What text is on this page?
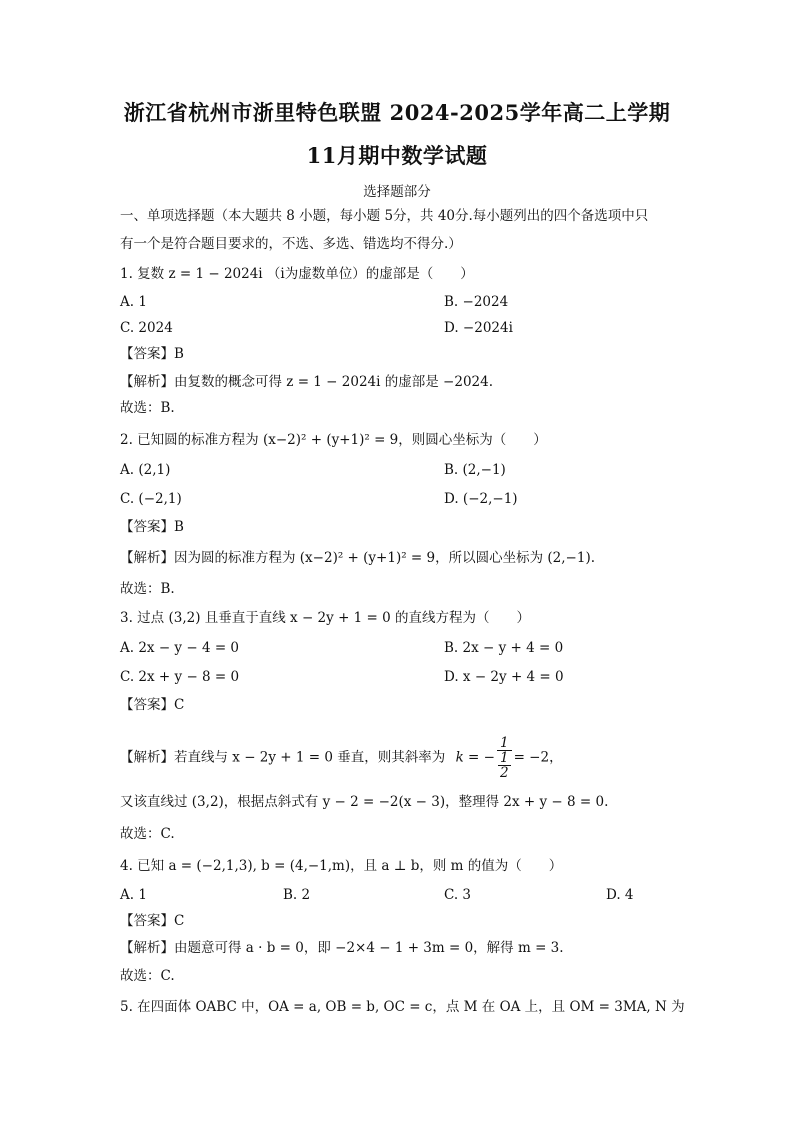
浙江省杭州市浙里特色联盟 2024-2025学年高二上学期
11月期中数学试题
选择题部分
一、单项选择题（本大题共 8 小题，每小题 5分，共 40分.每小题列出的四个备选项中只
有一个是符合题目要求的，不选、多选、错选均不得分.）
1. 复数 z = 1 − 2024i （i为虚数单位）的虚部是（　　）
A. 1	B. −2024
C. 2024	D. −2024i
【答案】B
【解析】由复数的概念可得 z = 1 − 2024i 的虚部是 −2024.
故选：B.
2. 已知圆的标准方程为 (x−2)² + (y+1)² = 9，则圆心坐标为（　　）
A. (2,1)	B. (2,−1)
C. (−2,1)	D. (−2,−1)
【答案】B
【解析】因为圆的标准方程为 (x−2)² + (y+1)² = 9，所以圆心坐标为 (2,−1).
故选：B.
3. 过点 (3,2) 且垂直于直线 x − 2y + 1 = 0 的直线方程为（　　）
A. 2x − y − 4 = 0	B. 2x − y + 4 = 0
C. 2x + y − 8 = 0	D. x − 2y + 4 = 0
【答案】C
【解析】若直线与 x − 2y + 1 = 0 垂直，则其斜率为 k = − $\frac{1}{\frac{1}{2}} = -2$，
又该直线过 (3,2)，根据点斜式有 y − 2 = −2(x − 3)，整理得 2x + y − 8 = 0.
故选：C.
4. 已知 a = (−2,1,3), b = (4,−1,m)，且 a ⊥ b，则 m 的值为（　　）
A. 1	B. 2	C. 3	D. 4
【答案】C
【解析】由题意可得 a · b = 0，即 −2×4 − 1 + 3m = 0，解得 m = 3.
故选：C.
5. 在四面体 OABC 中，OA = a, OB = b, OC = c，点 M 在 OA 上，且 OM = 3MA, N 为
